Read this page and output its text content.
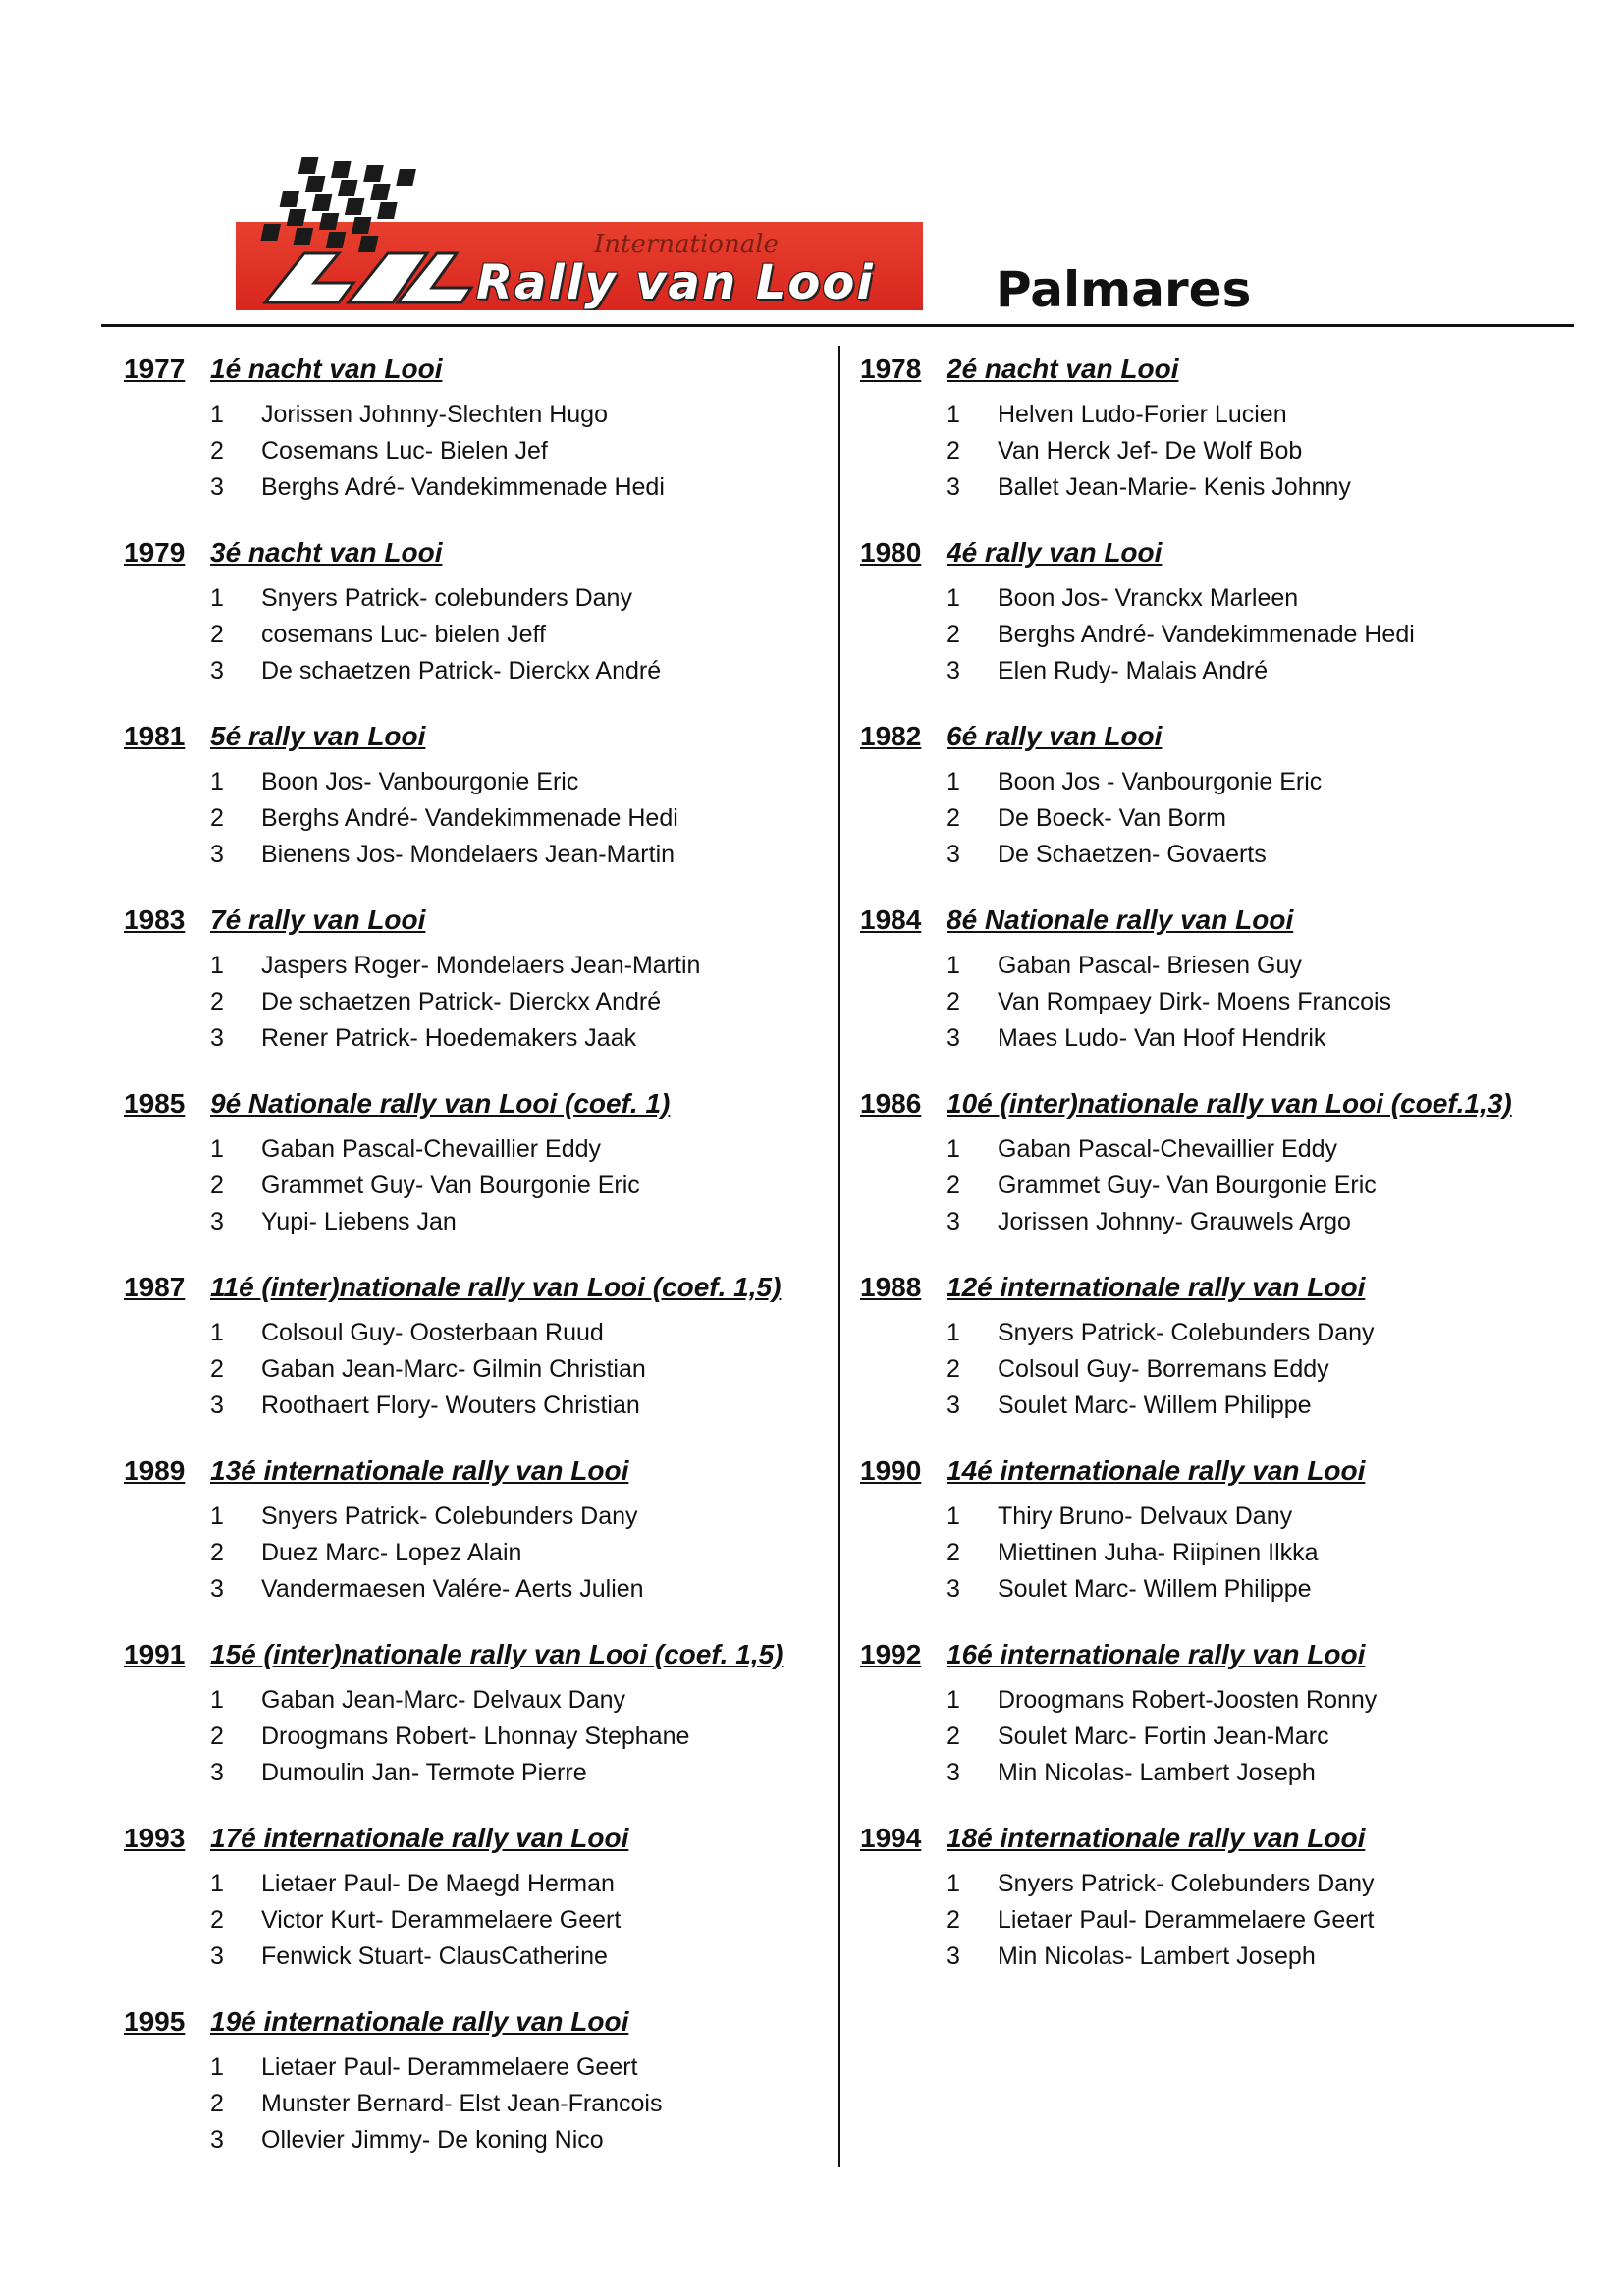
Internationale
Rally van Looi Palmares
1977 1é nacht van Looi
1	Jorissen Johnny-Slechten Hugo
2	Cosemans Luc- Bielen Jef
3	Berghs Adré- Vandekimmenade Hedi
1979 3é nacht van Looi
1	Snyers Patrick- colebunders Dany
2	cosemans Luc- bielen Jeff
3	De schaetzen Patrick- Dierckx André
1981 5é rally van Looi
1	Boon Jos- Vanbourgonie Eric
2	Berghs André- Vandekimmenade Hedi
3	Bienens Jos- Mondelaers Jean-Martin
1983 7é rally van Looi
1	Jaspers Roger- Mondelaers Jean-Martin
2	De schaetzen Patrick- Dierckx André
3	Rener Patrick- Hoedemakers Jaak
1985 9é Nationale rally van Looi (coef. 1)
1	Gaban Pascal-Chevaillier Eddy
2	Grammet Guy- Van Bourgonie Eric
3	Yupi- Liebens Jan
1987 11é (inter)nationale rally van Looi (coef. 1,5)
1	Colsoul Guy- Oosterbaan Ruud
2	Gaban Jean-Marc- Gilmin Christian
3	Roothaert Flory- Wouters Christian
1989 13é internationale rally van Looi
1	Snyers Patrick- Colebunders Dany
2	Duez Marc- Lopez Alain
3	Vandermaesen Valére- Aerts Julien
1991 15é (inter)nationale rally van Looi (coef. 1,5)
1	Gaban Jean-Marc- Delvaux Dany
2	Droogmans Robert- Lhonnay Stephane
3	Dumoulin Jan- Termote Pierre
1993 17é internationale rally van Looi
1	Lietaer Paul- De Maegd Herman
2	Victor Kurt- Derammelaere Geert
3	Fenwick Stuart- ClausCatherine
1995 19é internationale rally van Looi
1	Lietaer Paul- Derammelaere Geert
2	Munster Bernard- Elst Jean-Francois
3	Ollevier Jimmy- De koning Nico
1978 2é nacht van Looi
1	Helven Ludo-Forier Lucien
2	Van Herck Jef- De Wolf Bob
3	Ballet Jean-Marie- Kenis Johnny
1980 4é rally van Looi
1	Boon Jos- Vranckx Marleen
2	Berghs André- Vandekimmenade Hedi
3	Elen Rudy- Malais André
1982 6é rally van Looi
1	Boon Jos - Vanbourgonie Eric
2	De Boeck- Van Borm
3	De Schaetzen- Govaerts
1984 8é Nationale rally van Looi
1	Gaban Pascal- Briesen Guy
2	Van Rompaey Dirk- Moens Francois
3	Maes Ludo- Van Hoof Hendrik
1986 10é (inter)nationale rally van Looi (coef.1,3)
1	Gaban Pascal-Chevaillier Eddy
2	Grammet Guy- Van Bourgonie Eric
3	Jorissen Johnny- Grauwels Argo
1988 12é internationale rally van Looi
1	Snyers Patrick- Colebunders Dany
2	Colsoul Guy- Borremans Eddy
3	Soulet Marc- Willem Philippe
1990 14é internationale rally van Looi
1	Thiry Bruno- Delvaux Dany
2	Miettinen Juha- Riipinen Ilkka
3	Soulet Marc- Willem Philippe
1992 16é internationale rally van Looi
1	Droogmans Robert-Joosten Ronny
2	Soulet Marc- Fortin Jean-Marc
3	Min Nicolas- Lambert Joseph
1994 18é internationale rally van Looi
1	Snyers Patrick- Colebunders Dany
2	Lietaer Paul- Derammelaere Geert
3	Min Nicolas- Lambert Joseph
